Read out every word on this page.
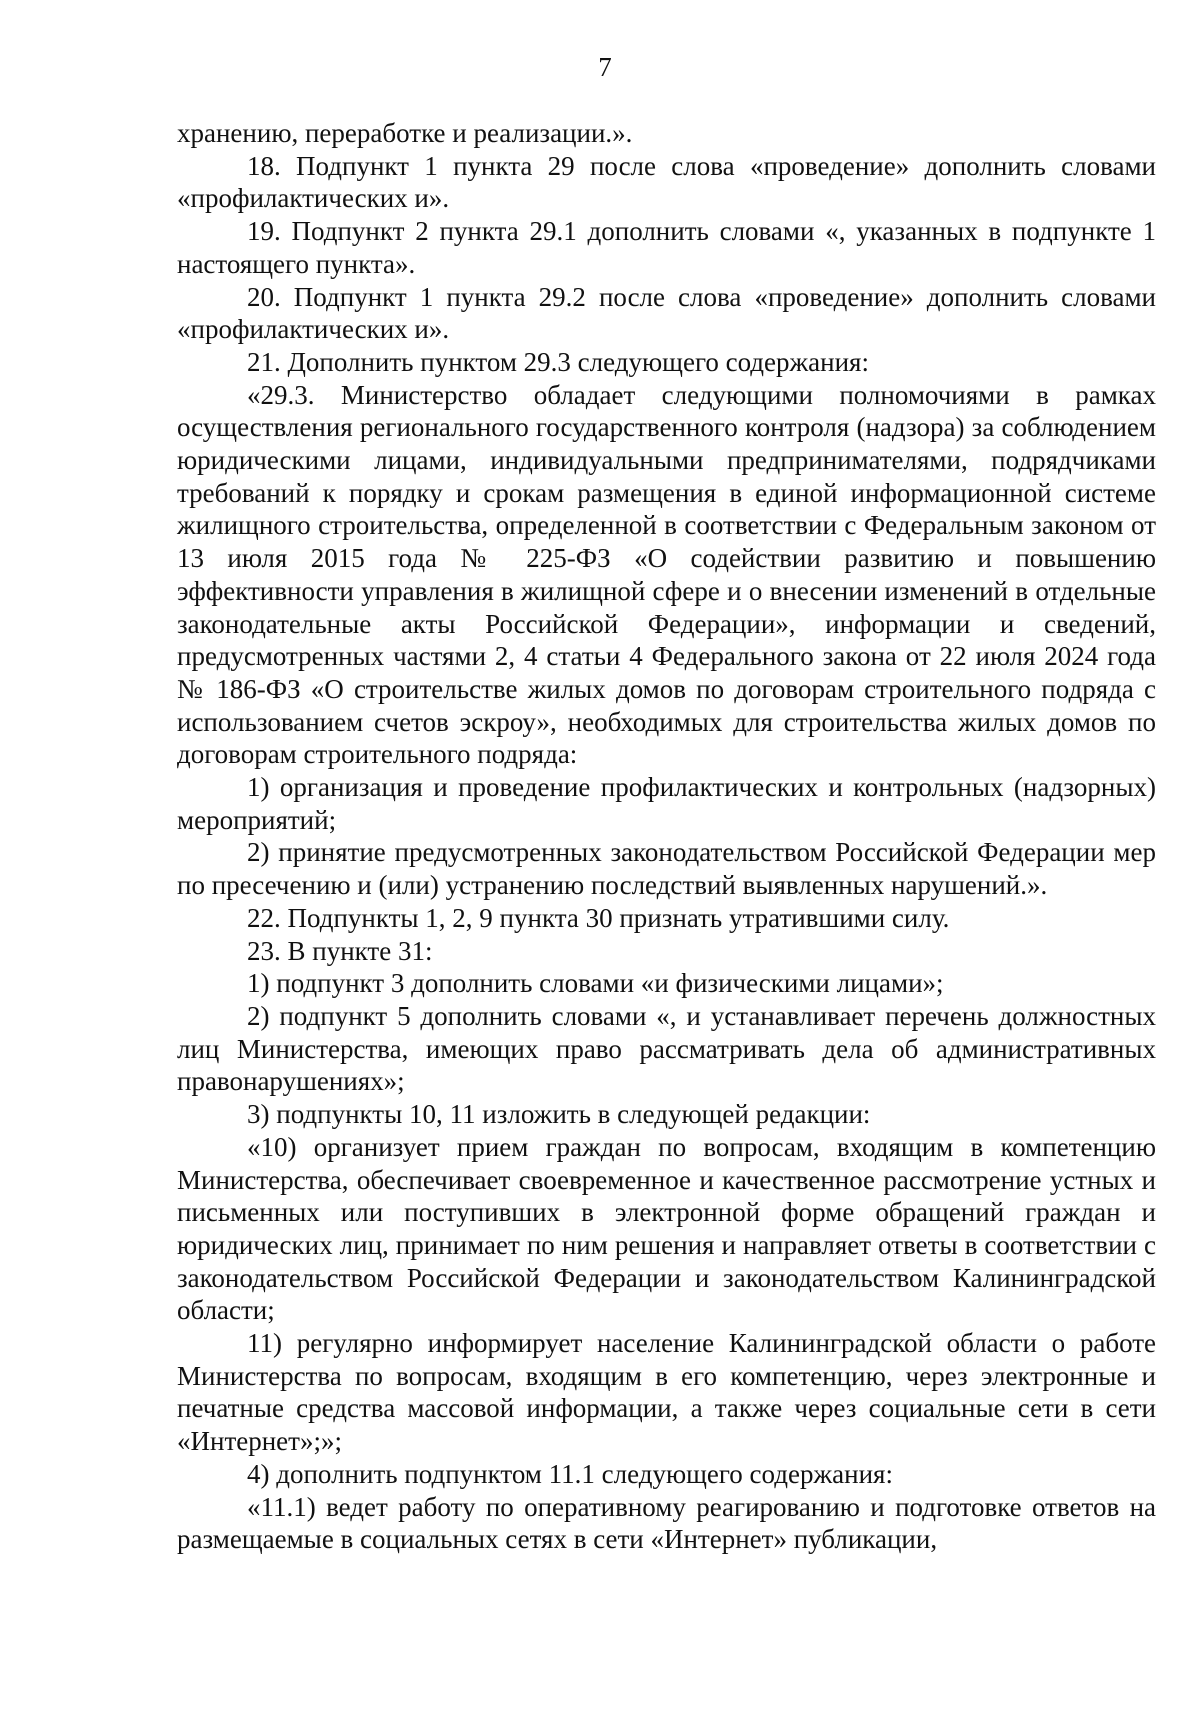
7

хранению, переработке и реализации.».

18. Подпункт 1 пункта 29 после слова «проведение» дополнить словами «профилактических и».

19. Подпункт 2 пункта 29.1 дополнить словами «, указанных в подпункте 1 настоящего пункта».

20. Подпункт 1 пункта 29.2 после слова «проведение» дополнить словами «профилактических и».

21. Дополнить пунктом 29.3 следующего содержания:

«29.3. Министерство обладает следующими полномочиями в рамках осуществления регионального государственного контроля (надзора) за соблюдением юридическими лицами, индивидуальными предпринимателями, подрядчиками требований к порядку и срокам размещения в единой информационной системе жилищного строительства, определенной в соответствии с Федеральным законом от 13 июля 2015 года № 225-ФЗ «О содействии развитию и повышению эффективности управления в жилищной сфере и о внесении изменений в отдельные законодательные акты Российской Федерации», информации и сведений, предусмотренных частями 2, 4 статьи 4 Федерального закона от 22 июля 2024 года № 186-ФЗ «О строительстве жилых домов по договорам строительного подряда с использованием счетов эскроу», необходимых для строительства жилых домов по договорам строительного подряда:

1) организация и проведение профилактических и контрольных (надзорных) мероприятий;

2) принятие предусмотренных законодательством Российской Федерации мер по пресечению и (или) устранению последствий выявленных нарушений.».

22. Подпункты 1, 2, 9 пункта 30 признать утратившими силу.

23. В пункте 31:

1) подпункт 3 дополнить словами «и физическими лицами»;

2) подпункт 5 дополнить словами «, и устанавливает перечень должностных лиц Министерства, имеющих право рассматривать дела об административных правонарушениях»;

3) подпункты 10, 11 изложить в следующей редакции:

«10) организует прием граждан по вопросам, входящим в компетенцию Министерства, обеспечивает своевременное и качественное рассмотрение устных и письменных или поступивших в электронной форме обращений граждан и юридических лиц, принимает по ним решения и направляет ответы в соответствии с законодательством Российской Федерации и законодательством Калининградской области;

11) регулярно информирует население Калининградской области о работе Министерства по вопросам, входящим в его компетенцию, через электронные и печатные средства массовой информации, а также через социальные сети в сети «Интернет»;»;

4) дополнить подпунктом 11.1 следующего содержания:

«11.1) ведет работу по оперативному реагированию и подготовке ответов на размещаемые в социальных сетях в сети «Интернет» публикации,
